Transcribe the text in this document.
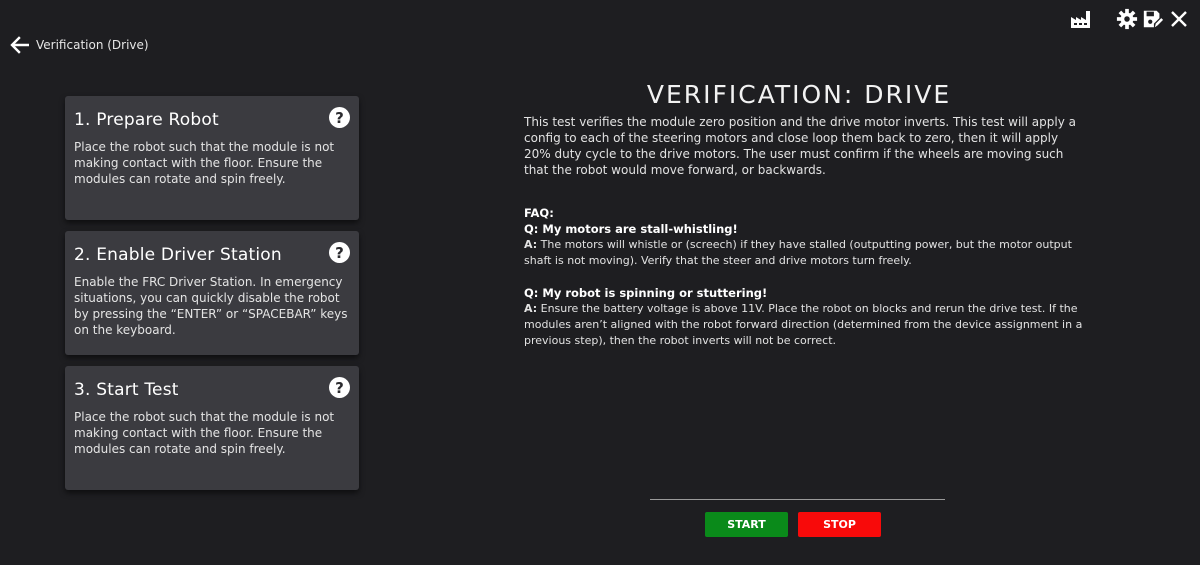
Verification (Drive)
1. Prepare Robot	?
Place the robot such that the module is not making contact with the floor. Ensure the modules can rotate and spin freely.
2. Enable Driver Station	?
Enable the FRC Driver Station. In emergency situations, you can quickly disable the robot by pressing the “ENTER” or “SPACEBAR” keys on the keyboard.
3. Start Test	?
Place the robot such that the module is not making contact with the floor. Ensure the modules can rotate and spin freely.
VERIFICATION: DRIVE
This test verifies the module zero position and the drive motor inverts. This test will apply a config to each of the steering motors and close loop them back to zero, then it will apply 20% duty cycle to the drive motors. The user must confirm if the wheels are moving such that the robot would move forward, or backwards.
FAQ:
Q: My motors are stall-whistling!
A: The motors will whistle or (screech) if they have stalled (outputting power, but the motor output shaft is not moving). Verify that the steer and drive motors turn freely.
Q: My robot is spinning or stuttering!
A: Ensure the battery voltage is above 11V. Place the robot on blocks and rerun the drive test. If the modules aren’t aligned with the robot forward direction (determined from the device assignment in a previous step), then the robot inverts will not be correct.
START	STOP
